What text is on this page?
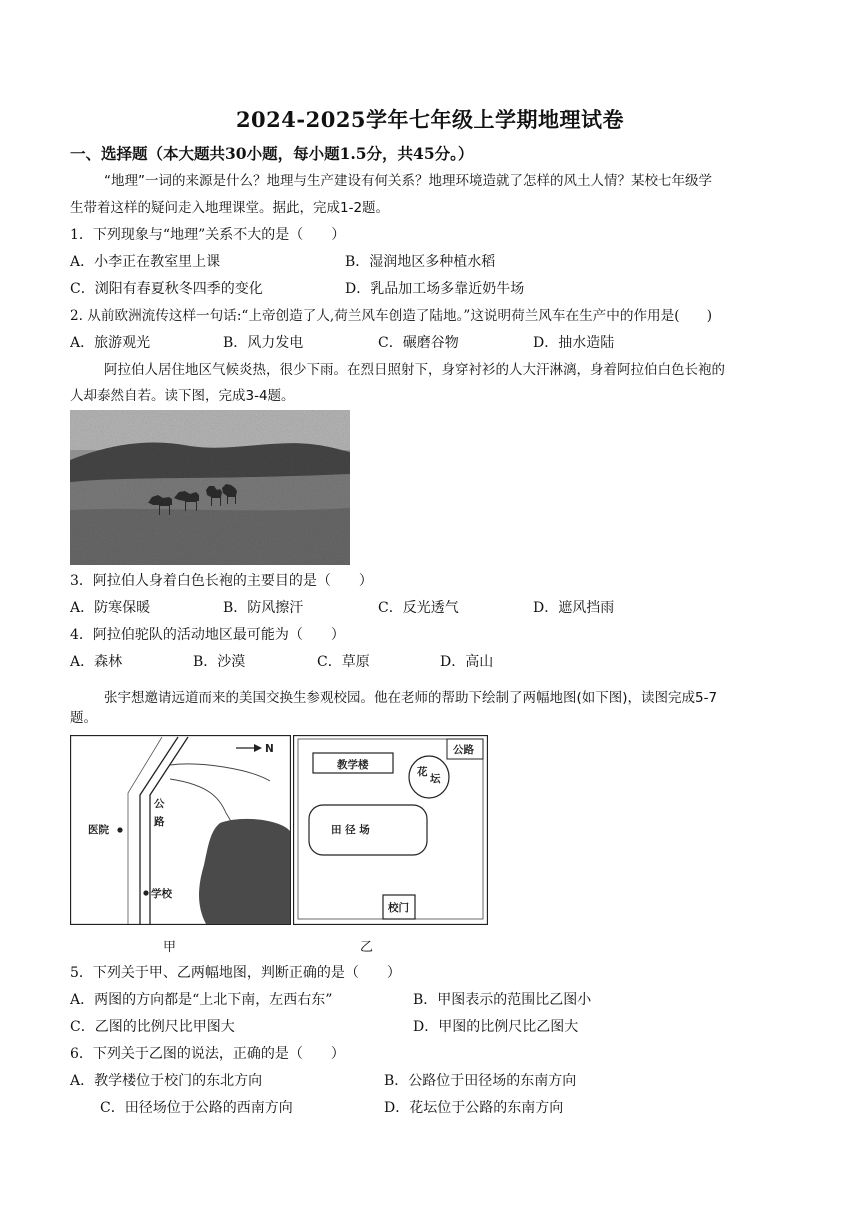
2024-2025学年七年级上学期地理试卷
一、选择题（本大题共30小题，每小题1.5分，共45分。）
“地理”一词的来源是什么？地理与生产建设有何关系？地理环境造就了怎样的风土人情？某校七年级学
生带着这样的疑问走入地理课堂。据此，完成1-2题。
1．下列现象与“地理”关系不大的是（　　）
A．小李正在教室里上课	B．湿润地区多种植水稻
C．浏阳有春夏秋冬四季的变化	D．乳品加工场多靠近奶牛场
2. 从前欧洲流传这样一句话:“上帝创造了人,荷兰风车创造了陆地。”这说明荷兰风车在生产中的作用是(　　)
A．旅游观光	B．风力发电	C．碾磨谷物	D．抽水造陆
阿拉伯人居住地区气候炎热，很少下雨。在烈日照射下，身穿衬衫的人大汗淋漓，身着阿拉伯白色长袍的
人却泰然自若。读下图，完成3-4题。
3．阿拉伯人身着白色长袍的主要目的是（　　）
A．防寒保暖	B．防风擦汗	C．反光透气	D．遮风挡雨
4．阿拉伯驼队的活动地区最可能为（　　）
A．森林	B．沙漠	C．草原	D．高山
张宇想邀请远道而来的美国交换生参观校园。他在老师的帮助下绘制了两幅地图(如下图)，读图完成5-7
题。
N
公
路
医院
学校
公路
教学楼
花
坛
田 径 场
校门
甲	乙
5．下列关于甲、乙两幅地图，判断正确的是（　　）
A．两图的方向都是“上北下南，左西右东”	B．甲图表示的范围比乙图小
C．乙图的比例尺比甲图大	D．甲图的比例尺比乙图大
6．下列关于乙图的说法，正确的是（　　）
A．教学楼位于校门的东北方向	B．公路位于田径场的东南方向
C．田径场位于公路的西南方向	D．花坛位于公路的东南方向
